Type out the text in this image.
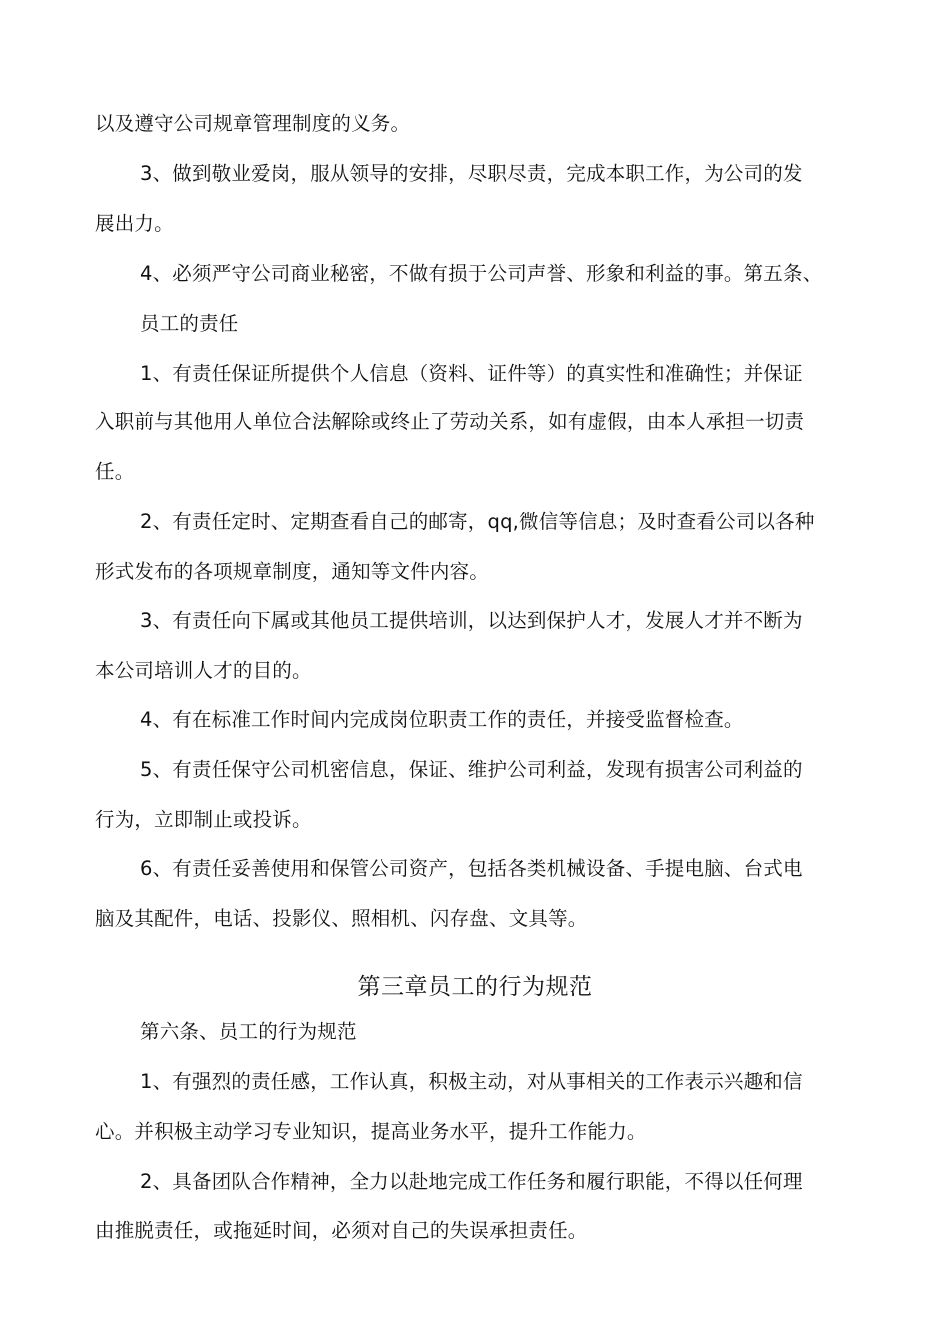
以及遵守公司规章管理制度的义务。
3、做到敬业爱岗，服从领导的安排，尽职尽责，完成本职工作，为公司的发
展出力。
4、必须严守公司商业秘密，不做有损于公司声誉、形象和利益的事。第五条、
员工的责任
1、有责任保证所提供个人信息（资料、证件等）的真实性和准确性；并保证
入职前与其他用人单位合法解除或终止了劳动关系，如有虚假，由本人承担一切责
任。
2、有责任定时、定期查看自己的邮寄，qq,微信等信息；及时查看公司以各种
形式发布的各项规章制度，通知等文件内容。
3、有责任向下属或其他员工提供培训，以达到保护人才，发展人才并不断为
本公司培训人才的目的。
4、有在标准工作时间内完成岗位职责工作的责任，并接受监督检查。
5、有责任保守公司机密信息，保证、维护公司利益，发现有损害公司利益的
行为，立即制止或投诉。
6、有责任妥善使用和保管公司资产，包括各类机械设备、手提电脑、台式电
脑及其配件，电话、投影仪、照相机、闪存盘、文具等。
第三章员工的行为规范
第六条、员工的行为规范
1、有强烈的责任感，工作认真，积极主动，对从事相关的工作表示兴趣和信
心。并积极主动学习专业知识，提高业务水平，提升工作能力。
2、具备团队合作精神，全力以赴地完成工作任务和履行职能，不得以任何理
由推脱责任，或拖延时间，必须对自己的失误承担责任。
